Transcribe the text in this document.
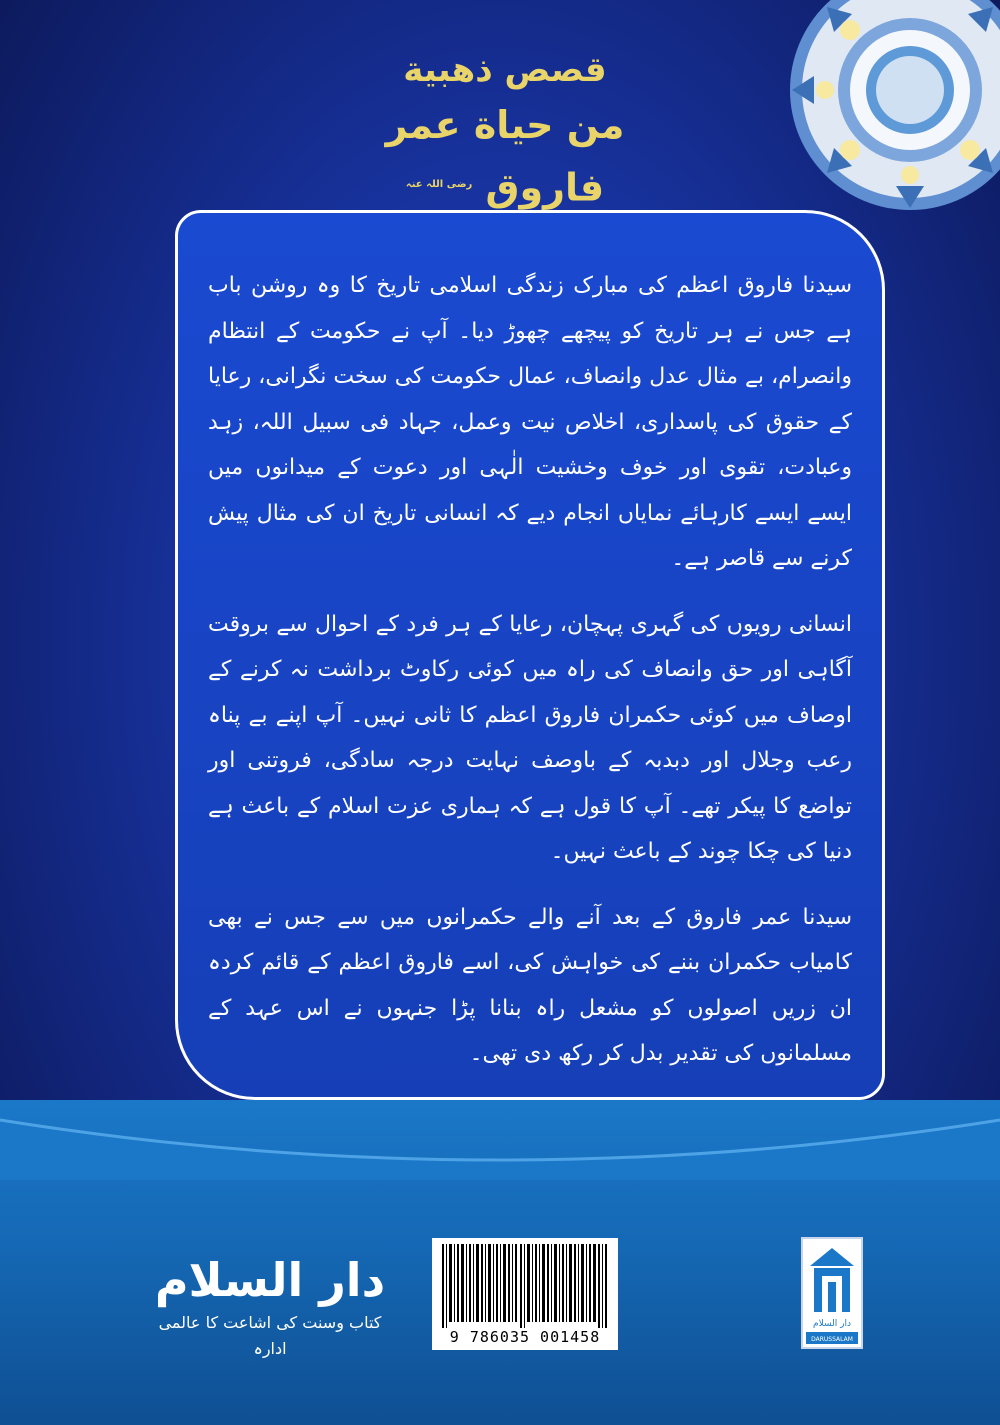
قصص ذهبية
من حياة عمر فاروق $^{رضی اللہ عنہ}$

سیدنا فاروق اعظم کی مبارک زندگی اسلامی تاریخ کا وہ روشن باب ہے جس نے ہر تاریخ کو پیچھے چھوڑ دیا۔ آپ نے حکومت کے انتظام وانصرام، بے مثال عدل وانصاف، عمال حکومت کی سخت نگرانی، رعایا کے حقوق کی پاسداری، اخلاص نیت وعمل، جہاد فی سبیل اللہ، زہد وعبادت، تقوی اور خوف وخشیت الٰہی اور دعوت کے میدانوں میں ایسے ایسے کارہائے نمایاں انجام دیے کہ انسانی تاریخ ان کی مثال پیش کرنے سے قاصر ہے۔

انسانی رویوں کی گہری پہچان، رعایا کے ہر فرد کے احوال سے بروقت آگاہی اور حق وانصاف کی راہ میں کوئی رکاوٹ برداشت نہ کرنے کے اوصاف میں کوئی حکمران فاروق اعظم کا ثانی نہیں۔ آپ اپنے بے پناہ رعب وجلال اور دبدبہ کے باوصف نہایت درجہ سادگی، فروتنی اور تواضع کا پیکر تھے۔ آپ کا قول ہے کہ ہماری عزت اسلام کے باعث ہے دنیا کی چکا چوند کے باعث نہیں۔

سیدنا عمر فاروق کے بعد آنے والے حکمرانوں میں سے جس نے بھی کامیاب حکمران بننے کی خواہش کی، اسے فاروق اعظم کے قائم کردہ ان زریں اصولوں کو مشعل راہ بنانا پڑا جنہوں نے اس عہد کے مسلمانوں کی تقدیر بدل کر رکھ دی تھی۔

دار السلام
کتاب وسنت کی اشاعت کا عالمی ادارہ
9 786035 001458
دار السلام
DARUSSALAM
